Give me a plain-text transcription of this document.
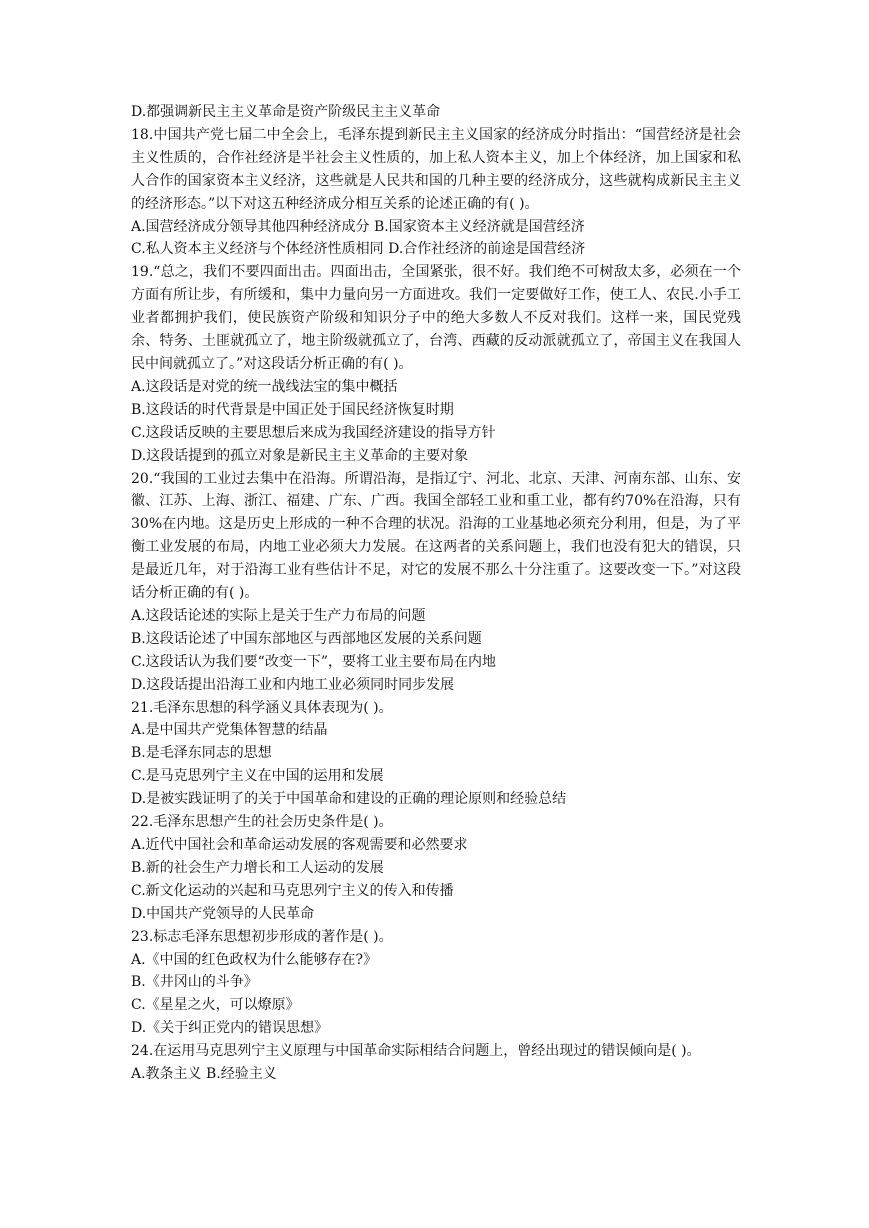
D.都强调新民主主义革命是资产阶级民主主义革命

18.中国共产党七届二中全会上，毛泽东提到新民主主义国家的经济成分时指出：“国营经济是社会主义性质的，合作社经济是半社会主义性质的，加上私人资本主义，加上个体经济，加上国家和私人合作的国家资本主义经济，这些就是人民共和国的几种主要的经济成分，这些就构成新民主主义的经济形态。”以下对这五种经济成分相互关系的论述正确的有( )。

A.国营经济成分领导其他四种经济成分 B.国家资本主义经济就是国营经济

C.私人资本主义经济与个体经济性质相同 D.合作社经济的前途是国营经济

19.“总之，我们不要四面出击。四面出击，全国紧张，很不好。我们绝不可树敌太多，必须在一个方面有所让步，有所缓和，集中力量向另一方面进攻。我们一定要做好工作，使工人、农民.小手工业者都拥护我们，使民族资产阶级和知识分子中的绝大多数人不反对我们。这样一来，国民党残余、特务、土匪就孤立了，地主阶级就孤立了，台湾、西藏的反动派就孤立了，帝国主义在我国人民中间就孤立了。”对这段话分析正确的有( )。

A.这段话是对党的统一战线法宝的集中概括

B.这段话的时代背景是中国正处于国民经济恢复时期

C.这段话反映的主要思想后来成为我国经济建设的指导方针

D.这段话提到的孤立对象是新民主主义革命的主要对象

20.“我国的工业过去集中在沿海。所谓沿海，是指辽宁、河北、北京、天津、河南东部、山东、安徽、江苏、上海、浙江、福建、广东、广西。我国全部轻工业和重工业，都有约70%在沿海，只有30%在内地。这是历史上形成的一种不合理的状况。沿海的工业基地必须充分利用，但是，为了平衡工业发展的布局，内地工业必须大力发展。在这两者的关系问题上，我们也没有犯大的错误，只是最近几年，对于沿海工业有些估计不足，对它的发展不那么十分注重了。这要改变一下。”对这段话分析正确的有( )。

A.这段话论述的实际上是关于生产力布局的问题

B.这段话论述了中国东部地区与西部地区发展的关系问题

C.这段话认为我们要“改变一下”，要将工业主要布局在内地

D.这段话提出沿海工业和内地工业必须同时同步发展

21.毛泽东思想的科学涵义具体表现为( )。

A.是中国共产党集体智慧的结晶

B.是毛泽东同志的思想

C.是马克思列宁主义在中国的运用和发展

D.是被实践证明了的关于中国革命和建设的正确的理论原则和经验总结

22.毛泽东思想产生的社会历史条件是( )。

A.近代中国社会和革命运动发展的客观需要和必然要求

B.新的社会生产力增长和工人运动的发展

C.新文化运动的兴起和马克思列宁主义的传入和传播

D.中国共产党领导的人民革命

23.标志毛泽东思想初步形成的著作是( )。

A.《中国的红色政权为什么能够存在?》

B.《井冈山的斗争》

C.《星星之火，可以燎原》

D.《关于纠正党内的错误思想》

24.在运用马克思列宁主义原理与中国革命实际相结合问题上，曾经出现过的错误倾向是( )。

A.教条主义 B.经验主义
